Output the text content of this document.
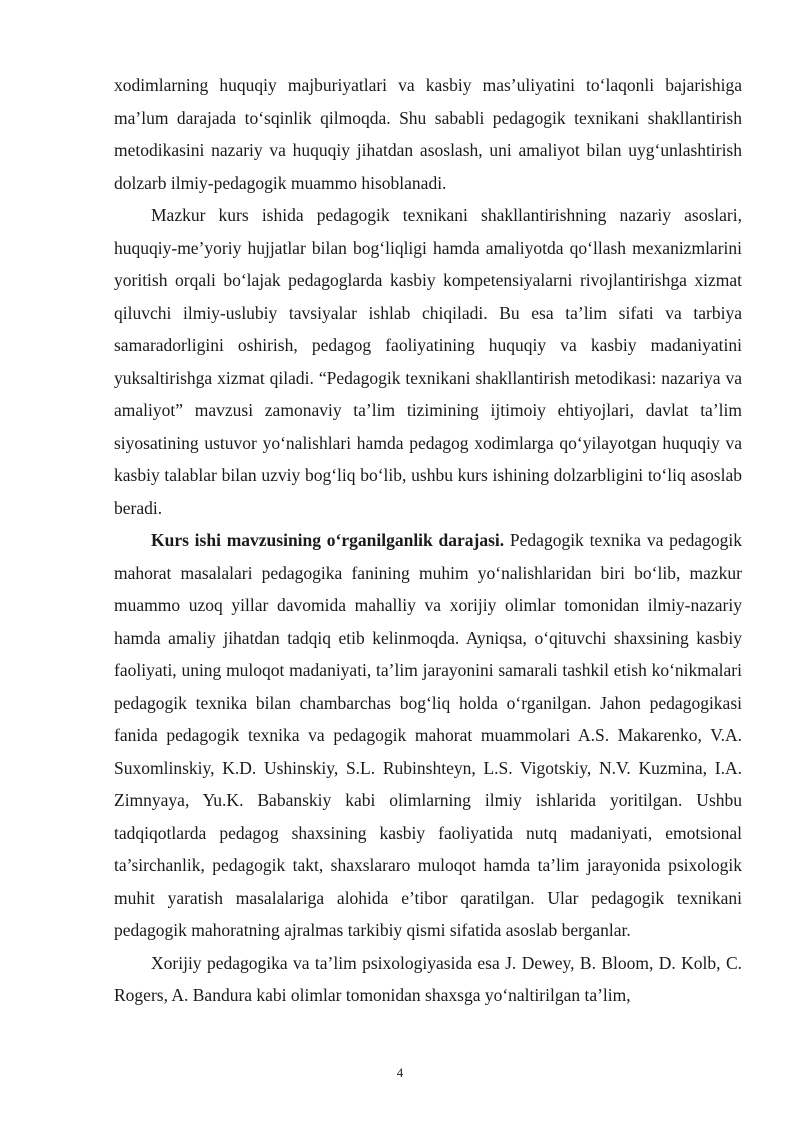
xodimlarning huquqiy majburiyatlari va kasbiy mas’uliyatini to‘laqonli bajarishiga ma’lum darajada to‘sqinlik qilmoqda. Shu sababli pedagogik texnikani shakllantirish metodikasini nazariy va huquqiy jihatdan asoslash, uni amaliyot bilan uyg‘unlashtirish dolzarb ilmiy-pedagogik muammo hisoblanadi.

Mazkur kurs ishida pedagogik texnikani shakllantirishning nazariy asoslari, huquqiy-me’yoriy hujjatlar bilan bog‘liqligi hamda amaliyotda qo‘llash mexanizmlarini yoritish orqali bo‘lajak pedagoglarda kasbiy kompetensiyalarni rivojlantirishga xizmat qiluvchi ilmiy-uslubiy tavsiyalar ishlab chiqiladi. Bu esa ta’lim sifati va tarbiya samaradorligini oshirish, pedagog faoliyatining huquqiy va kasbiy madaniyatini yuksaltirishga xizmat qiladi. “Pedagogik texnikani shakllantirish metodikasi: nazariya va amaliyot” mavzusi zamonaviy ta’lim tizimining ijtimoiy ehtiyojlari, davlat ta’lim siyosatining ustuvor yo‘nalishlari hamda pedagog xodimlarga qo‘yilayotgan huquqiy va kasbiy talablar bilan uzviy bog‘liq bo‘lib, ushbu kurs ishining dolzarbligini to‘liq asoslab beradi.

Kurs ishi mavzusining o‘rganilganlik darajasi. Pedagogik texnika va pedagogik mahorat masalalari pedagogika fanining muhim yo‘nalishlaridan biri bo‘lib, mazkur muammo uzoq yillar davomida mahalliy va xorijiy olimlar tomonidan ilmiy-nazariy hamda amaliy jihatdan tadqiq etib kelinmoqda. Ayniqsa, o‘qituvchi shaxsining kasbiy faoliyati, uning muloqot madaniyati, ta’lim jarayonini samarali tashkil etish ko‘nikmalari pedagogik texnika bilan chambarchas bog‘liq holda o‘rganilgan. Jahon pedagogikasi fanida pedagogik texnika va pedagogik mahorat muammolari A.S. Makarenko, V.A. Suxomlinskiy, K.D. Ushinskiy, S.L. Rubinshteyn, L.S. Vigotskiy, N.V. Kuzmina, I.A. Zimnyaya, Yu.K. Babanskiy kabi olimlarning ilmiy ishlarida yoritilgan. Ushbu tadqiqotlarda pedagog shaxsining kasbiy faoliyatida nutq madaniyati, emotsional ta’sirchanlik, pedagogik takt, shaxslararo muloqot hamda ta’lim jarayonida psixologik muhit yaratish masalalariga alohida e’tibor qaratilgan. Ular pedagogik texnikani pedagogik mahoratning ajralmas tarkibiy qismi sifatida asoslab berganlar.

Xorijiy pedagogika va ta’lim psixologiyasida esa J. Dewey, B. Bloom, D. Kolb, C. Rogers, A. Bandura kabi olimlar tomonidan shaxsga yo‘naltirilgan ta’lim,

4
